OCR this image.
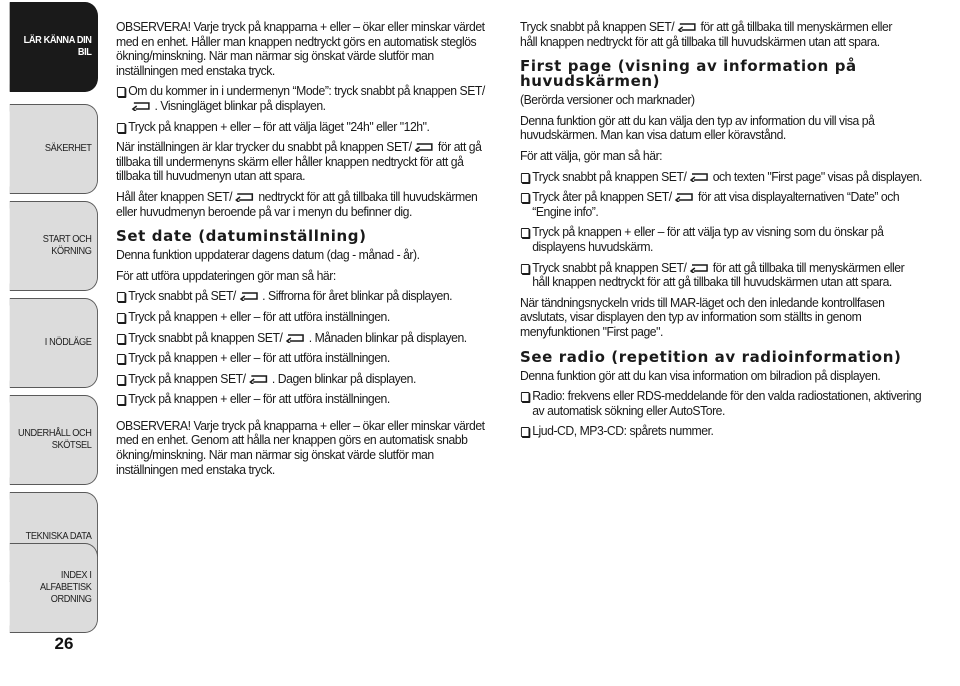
LÄR KÄNNA DIN
BIL
SÄKERHET
START OCH
KÖRNING
I NÖDLÄGE
UNDERHÅLL OCH
SKÖTSEL
TEKNISKA DATA
INDEX I ALFABETISK
ORDNING
26

OBSERVERA! Varje tryck på knapparna + eller – ökar eller minskar värdet med en enhet. Håller man knappen nedtryckt görs en automatisk steglös ökning/minskning. När man närmar sig önskat värde slutför man inställningen med enstaka tryck.

Om du kommer in i undermenyn “Mode”: tryck snabbt på knappen SET/. Visningläget blinkar på displayen.

Tryck på knappen + eller – för att välja läget "24h" eller "12h".

När inställningen är klar trycker du snabbt på knappen SET/ för att gå tillbaka till undermenyns skärm eller håller knappen nedtryckt för att gå tillbaka till huvudmenyn utan att spara.

Håll åter knappen SET/ nedtryckt för att gå tillbaka till huvudskärmen eller huvudmenyn beroende på var i menyn du befinner dig.

Set date (datuminställning)

Denna funktion uppdaterar dagens datum (dag - månad - år).

För att utföra uppdateringen gör man så här:

Tryck snabbt på SET/ . Siffrorna för året blinkar på displayen.

Tryck på knappen + eller – för att utföra inställningen.

Tryck snabbt på knappen SET/ . Månaden blinkar på displayen.

Tryck på knappen + eller – för att utföra inställningen.

Tryck på knappen SET/ . Dagen blinkar på displayen.

Tryck på knappen + eller – för att utföra inställningen.

OBSERVERA! Varje tryck på knapparna + eller – ökar eller minskar värdet med en enhet. Genom att hålla ner knappen görs en automatisk snabb ökning/minskning. När man närmar sig önskat värde slutför man inställningen med enstaka tryck.

Tryck snabbt på knappen SET/ för att gå tillbaka till menyskärmen eller håll knappen nedtryckt för att gå tillbaka till huvudskärmen utan att spara.

First page (visning av information på huvudskärmen)

(Berörda versioner och marknader)

Denna funktion gör att du kan välja den typ av information du vill visa på huvudskärmen. Man kan visa datum eller köravstånd.

För att välja, gör man så här:

Tryck snabbt på knappen SET/ och texten "First page" visas på displayen.

Tryck åter på knappen SET/ för att visa displayalternativen “Date” och “Engine info”.

Tryck på knappen + eller – för att välja typ av visning som du önskar på displayens huvudskärm.

Tryck snabbt på knappen SET/ för att gå tillbaka till menyskärmen eller håll knappen nedtryckt för att gå tillbaka till huvudskärmen utan att spara.

När tändningsnyckeln vrids till MAR-läget och den inledande kontrollfasen avslutats, visar displayen den typ av information som ställts in genom menyfunktionen "First page".

See radio (repetition av radioinformation)

Denna funktion gör att du kan visa information om bilradion på displayen.

Radio: frekvens eller RDS-meddelande för den valda radiostationen, aktivering av automatisk sökning eller AutoSTore.

Ljud-CD, MP3-CD: spårets nummer.
